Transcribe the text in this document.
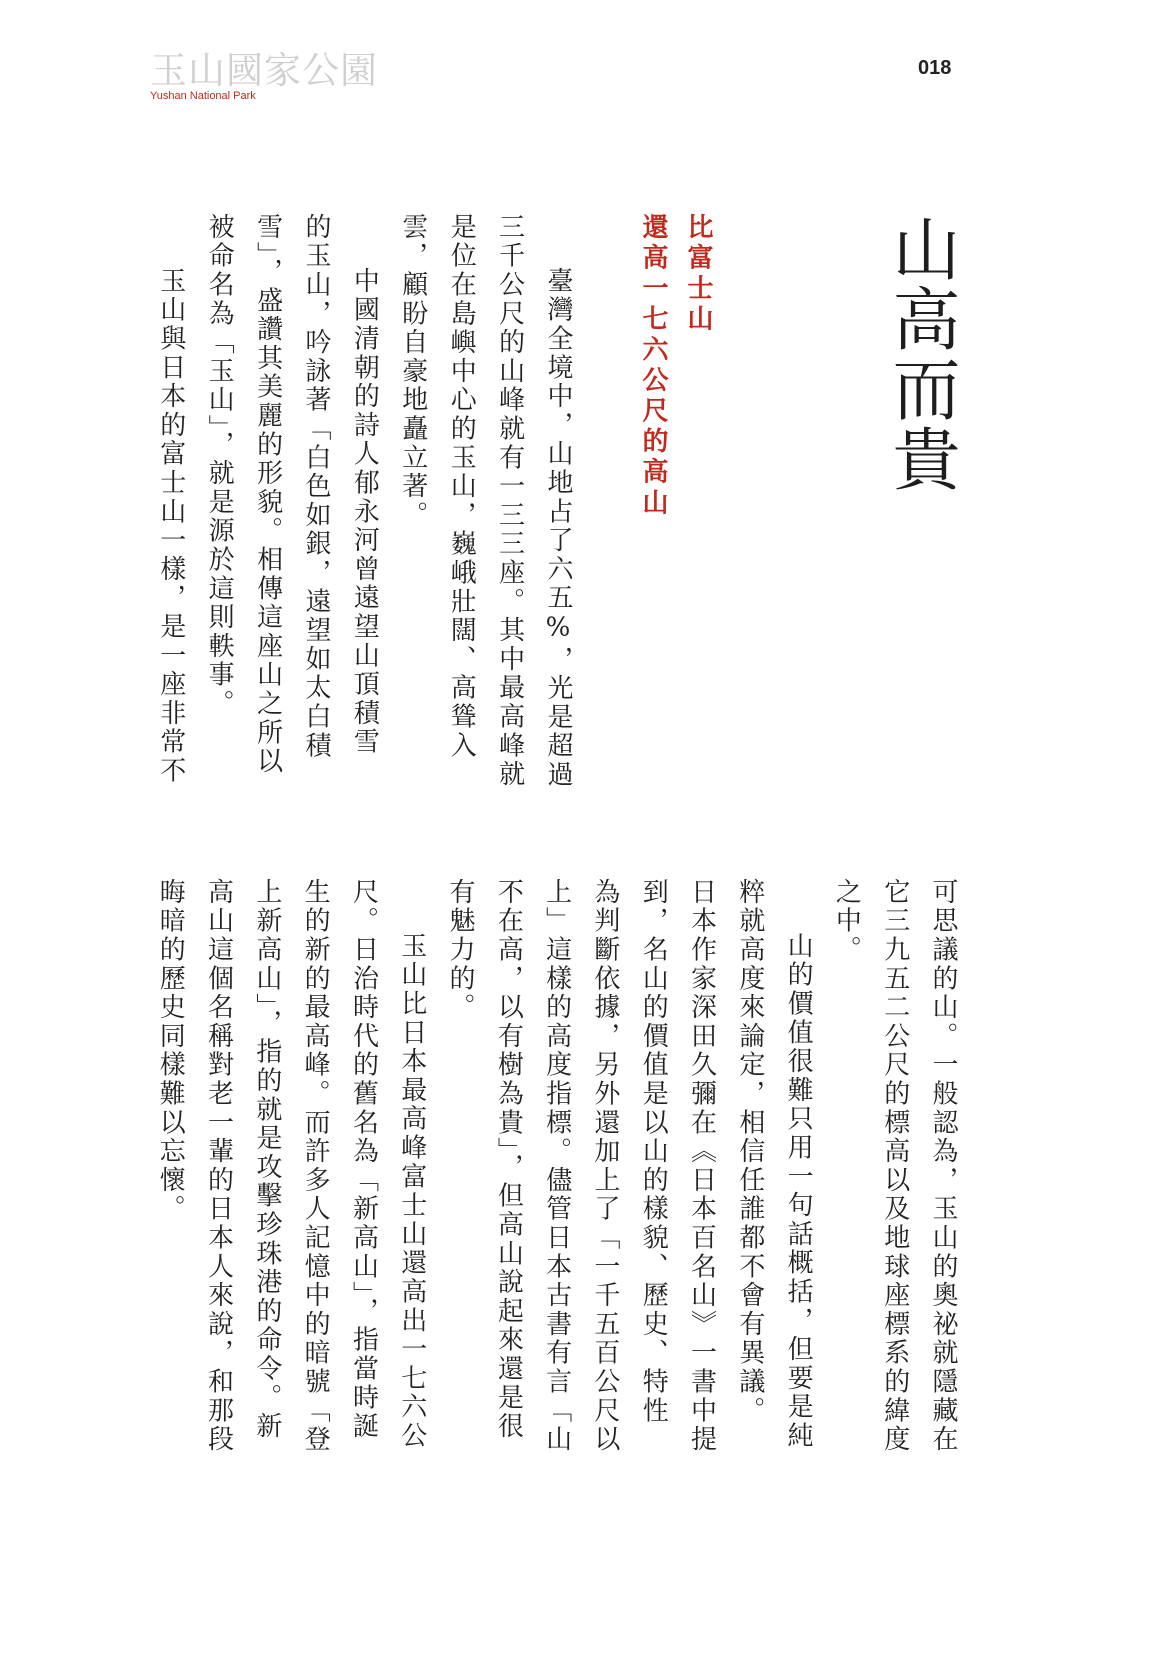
玉山國家公園
Yushan National Park
018
山高而貴
比富士山
還高一七六公尺的高山
臺灣全境中，山地占了六五%，光是超過
三千公尺的山峰就有一三三座。其中最高峰就
是位在島嶼中心的玉山，巍峨壯闊、高聳入
雲，顧盼自豪地矗立著。
中國清朝的詩人郁永河曾遠望山頂積雪
的玉山，吟詠著「白色如銀，遠望如太白積
雪」，盛讚其美麗的形貌。相傳這座山之所以
被命名為「玉山」，就是源於這則軼事。
玉山與日本的富士山一樣，是一座非常不
可思議的山。一般認為，玉山的奧祕就隱藏在
它三九五二公尺的標高以及地球座標系的緯度
之中。
山的價值很難只用一句話概括，但要是純
粹就高度來論定，相信任誰都不會有異議。
日本作家深田久彌在《日本百名山》一書中提
到，名山的價值是以山的樣貌、歷史、特性
為判斷依據，另外還加上了「一千五百公尺以
上」這樣的高度指標。儘管日本古書有言「山
不在高，以有樹為貴」，但高山說起來還是很
有魅力的。
玉山比日本最高峰富士山還高出一七六公
尺。日治時代的舊名為「新高山」，指當時誕
生的新的最高峰。而許多人記憶中的暗號「登
上新高山」，指的就是攻擊珍珠港的命令。新
高山這個名稱對老一輩的日本人來說，和那段
晦暗的歷史同樣難以忘懷。
